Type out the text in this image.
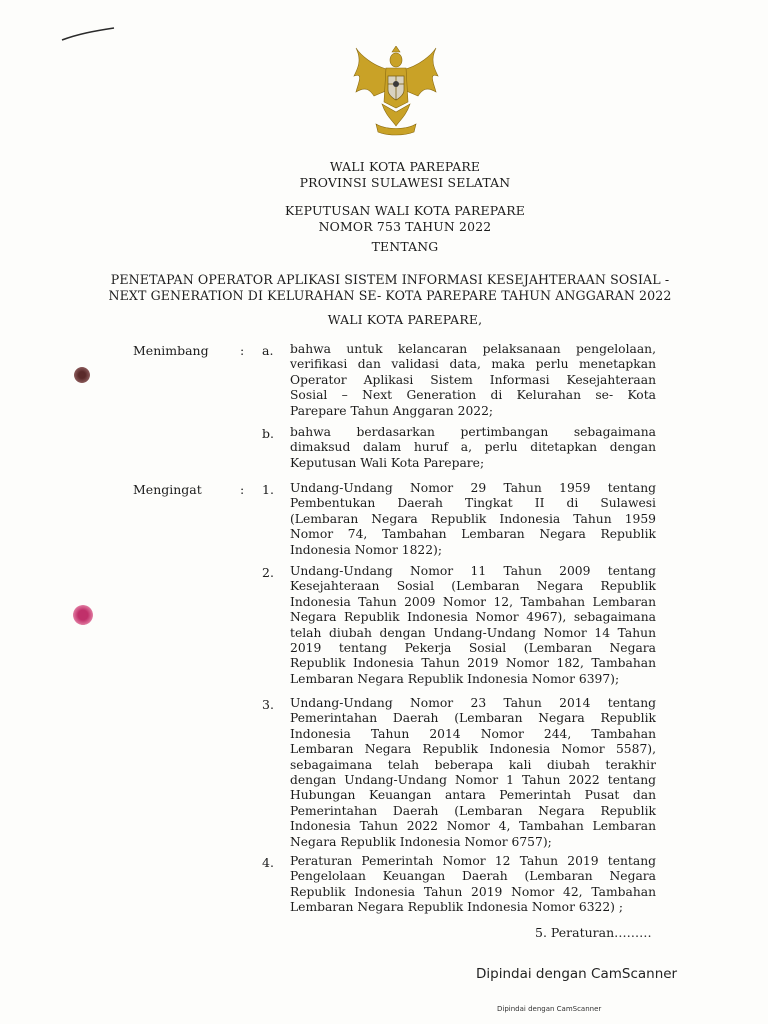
WALI KOTA PAREPARE
PROVINSI SULAWESI SELATAN
KEPUTUSAN WALI KOTA PAREPARE
NOMOR 753 TAHUN 2022
TENTANG
PENETAPAN OPERATOR APLIKASI SISTEM INFORMASI KESEJAHTERAAN SOSIAL -
NEXT GENERATION DI KELURAHAN SE- KOTA PAREPARE TAHUN ANGGARAN 2022
WALI KOTA PAREPARE,
Menimbang	: a. bahwa untuk kelancaran pelaksanaan pengelolaan,
verifikasi dan validasi data, maka perlu menetapkan
Operator Aplikasi Sistem Informasi Kesejahteraan
Sosial – Next Generation di Kelurahan se- Kota
Parepare Tahun Anggaran 2022;
b. bahwa berdasarkan pertimbangan sebagaimana
dimaksud dalam huruf a, perlu ditetapkan dengan
Keputusan Wali Kota Parepare;
Mengingat	: 1. Undang-Undang Nomor 29 Tahun 1959 tentang
Pembentukan Daerah Tingkat II di Sulawesi
(Lembaran Negara Republik Indonesia Tahun 1959
Nomor 74, Tambahan Lembaran Negara Republik
Indonesia Nomor 1822);
2. Undang-Undang Nomor 11 Tahun 2009 tentang
Kesejahteraan Sosial (Lembaran Negara Republik
Indonesia Tahun 2009 Nomor 12, Tambahan Lembaran
Negara Republik Indonesia Nomor 4967), sebagaimana
telah diubah dengan Undang-Undang Nomor 14 Tahun
2019 tentang Pekerja Sosial (Lembaran Negara
Republik Indonesia Tahun 2019 Nomor 182, Tambahan
Lembaran Negara Republik Indonesia Nomor 6397);
3. Undang-Undang Nomor 23 Tahun 2014 tentang
Pemerintahan Daerah (Lembaran Negara Republik
Indonesia Tahun 2014 Nomor 244, Tambahan
Lembaran Negara Republik Indonesia Nomor 5587),
sebagaimana telah beberapa kali diubah terakhir
dengan Undang-Undang Nomor 1 Tahun 2022 tentang
Hubungan Keuangan antara Pemerintah Pusat dan
Pemerintahan Daerah (Lembaran Negara Republik
Indonesia Tahun 2022 Nomor 4, Tambahan Lembaran
Negara Republik Indonesia Nomor 6757);
4. Peraturan Pemerintah Nomor 12 Tahun 2019 tentang
Pengelolaan Keuangan Daerah (Lembaran Negara
Republik Indonesia Tahun 2019 Nomor 42, Tambahan
Lembaran Negara Republik Indonesia Nomor 6322) ;
5. Peraturan………
Dipindai dengan CamScanner
Dipindai dengan CamScanner
